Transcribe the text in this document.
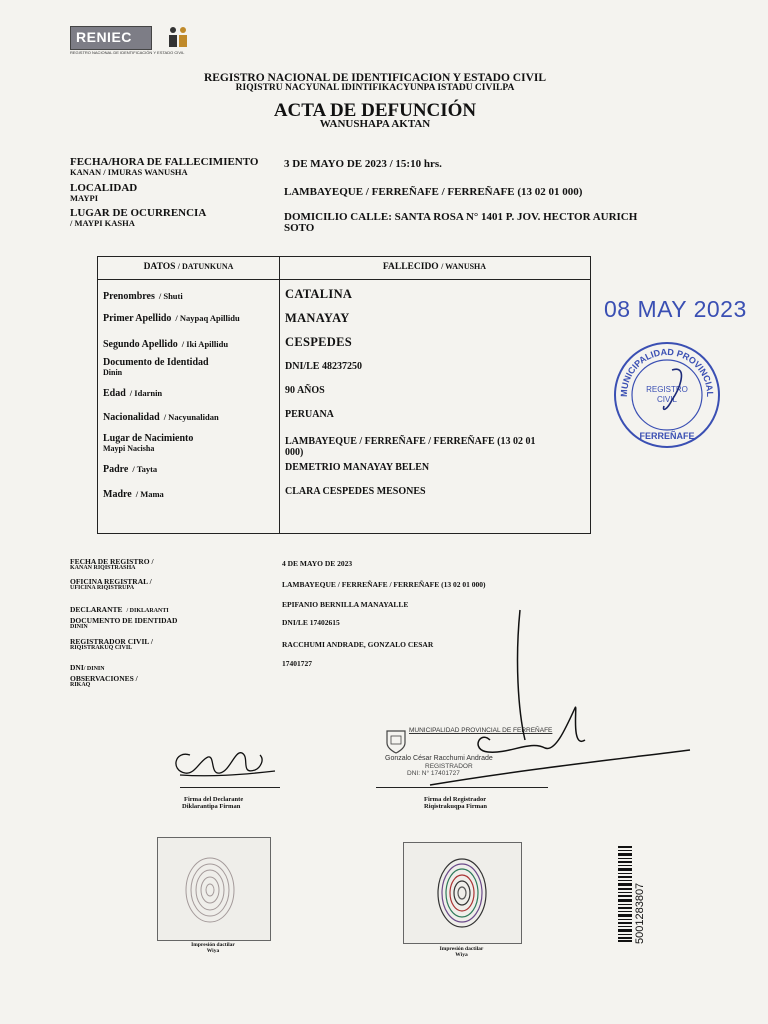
RENIEC
REGISTRO NACIONAL DE IDENTIFICACIÓN Y ESTADO CIVIL
REGISTRO NACIONAL DE IDENTIFICACION Y ESTADO CIVIL
RIQISTRU NACYUNAL IDINTIFIKACYUNPA ISTADU CIVILPA
ACTA DE DEFUNCIÓN
WANUSHAPA AKTAN
FECHA/HORA DE FALLECIMIENTO
KANAN / IMURAS WANUSHA
3 DE MAYO DE 2023 / 15:10 hrs.
LOCALIDAD
MAYPI	LAMBAYEQUE / FERREÑAFE / FERREÑAFE (13 02 01 000)
LUGAR DE OCURRENCIA
/ MAYPI KASHA	DOMICILIO CALLE: SANTA ROSA N° 1401 P. JOV. HECTOR AURICH
SOTO
DATOS / DATUNKUNA	FALLECIDO / WANUSHA
Prenombres / Shuti	CATALINA
Primer Apellido / Naypaq Apillidu	MANAYAY
Segundo Apellido / Iki Apillidu	CESPEDES
Documento de Identidad
Dinin
DNI/LE 48237250
Edad / Idarnin	90 AÑOS
Nacionalidad / Nacyunalidan	PERUANA
Lugar de Nacimiento
Maypi Nacisha
LAMBAYEQUE / FERREÑAFE / FERREÑAFE (13 02 01
000)
Padre / Tayta	DEMETRIO MANAYAY BELEN
Madre / Mama	CLARA CESPEDES MESONES
08 MAY 2023
MUNICIPALIDAD PROVINCIAL
REGISTRO
CIVIL
FERREÑAFE
FECHA DE REGISTRO /
KANAN RIQISTRASHA	4 DE MAYO DE 2023
OFICINA REGISTRAL /
UFICINA RIQISTRUPA	LAMBAYEQUE / FERREÑAFE / FERREÑAFE (13 02 01 000)
DECLARANTE / DIKLARANTI
EPIFANIO BERNILLA MANAYALLE
DOCUMENTO DE IDENTIDAD
DININ	DNI/LE 17402615
REGISTRADOR CIVIL /
RIQISTRAKUQ CIVIL	RACCHUMI ANDRADE, GONZALO CESAR
DNI/ DININ
17401727
OBSERVACIONES /
RIKAQ
MUNICIPALIDAD PROVINCIAL DE FERREÑAFE
Gonzalo César Racchumi Andrade
REGISTRADOR
DNI: N° 17401727
Firma del Declarante
Diklarantipa Firman
Firma del Registrador
Riqistrakuqpa Firman
Impresión dactilar
Wiya	Impresión dactilar
Wiya
5001283807
